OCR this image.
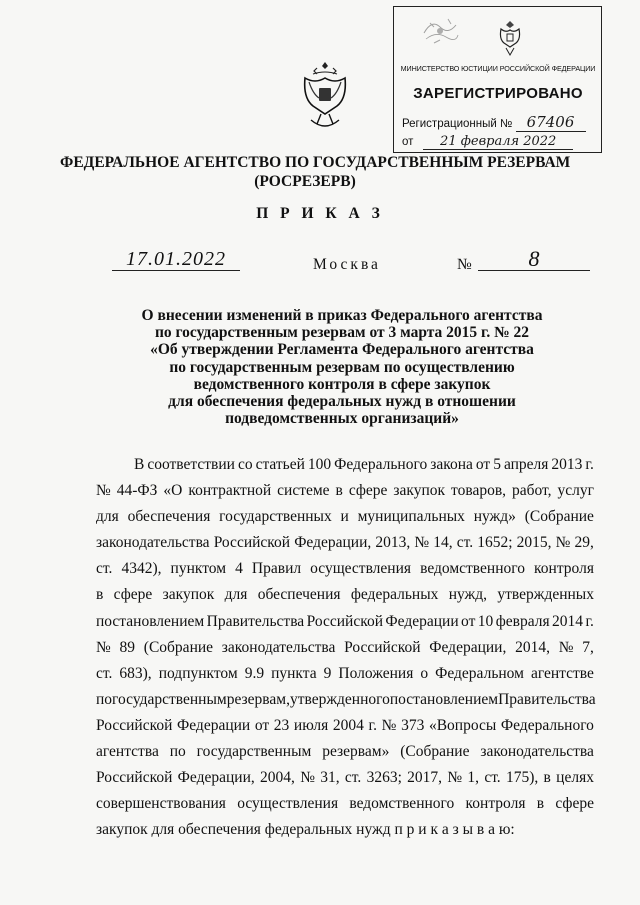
МИНИСТЕРСТВО ЮСТИЦИИ РОССИЙСКОЙ ФЕДЕРАЦИИ
ЗАРЕГИСТРИРОВАНО
Регистрационный № 67406
от 21 февраля 2022
ФЕДЕРАЛЬНОЕ АГЕНТСТВО ПО ГОСУДАРСТВЕННЫМ РЕЗЕРВАМ
(РОСРЕЗЕРВ)
П Р И К А З
17.01.2022	Москва	№	8
О внесении изменений в приказ Федерального агентства
по государственным резервам от 3 марта 2015 г. № 22
«Об утверждении Регламента Федерального агентства
по государственным резервам по осуществлению
ведомственного контроля в сфере закупок
для обеспечения федеральных нужд в отношении
подведомственных организаций»
В соответствии со статьей 100 Федерального закона от 5 апреля 2013 г.
№ 44-ФЗ «О контрактной системе в сфере закупок товаров, работ, услуг
для обеспечения государственных и муниципальных нужд» (Собрание
законодательства Российской Федерации, 2013, № 14, ст. 1652; 2015, № 29,
ст. 4342), пунктом 4 Правил осуществления ведомственного контроля
в сфере закупок для обеспечения федеральных нужд, утвержденных
постановлением Правительства Российской Федерации от 10 февраля 2014 г.
№ 89 (Собрание законодательства Российской Федерации, 2014, № 7,
ст. 683), подпунктом 9.9 пункта 9 Положения о Федеральном агентстве
по государственным резервам, утвержденного постановлением Правительства
Российской Федерации от 23 июля 2004 г. № 373 «Вопросы Федерального
агентства по государственным резервам» (Собрание законодательства
Российской Федерации, 2004, № 31, ст. 3263; 2017, № 1, ст. 175), в целях
совершенствования осуществления ведомственного контроля в сфере
закупок для обеспечения федеральных нужд п р и к а з ы в а ю:
